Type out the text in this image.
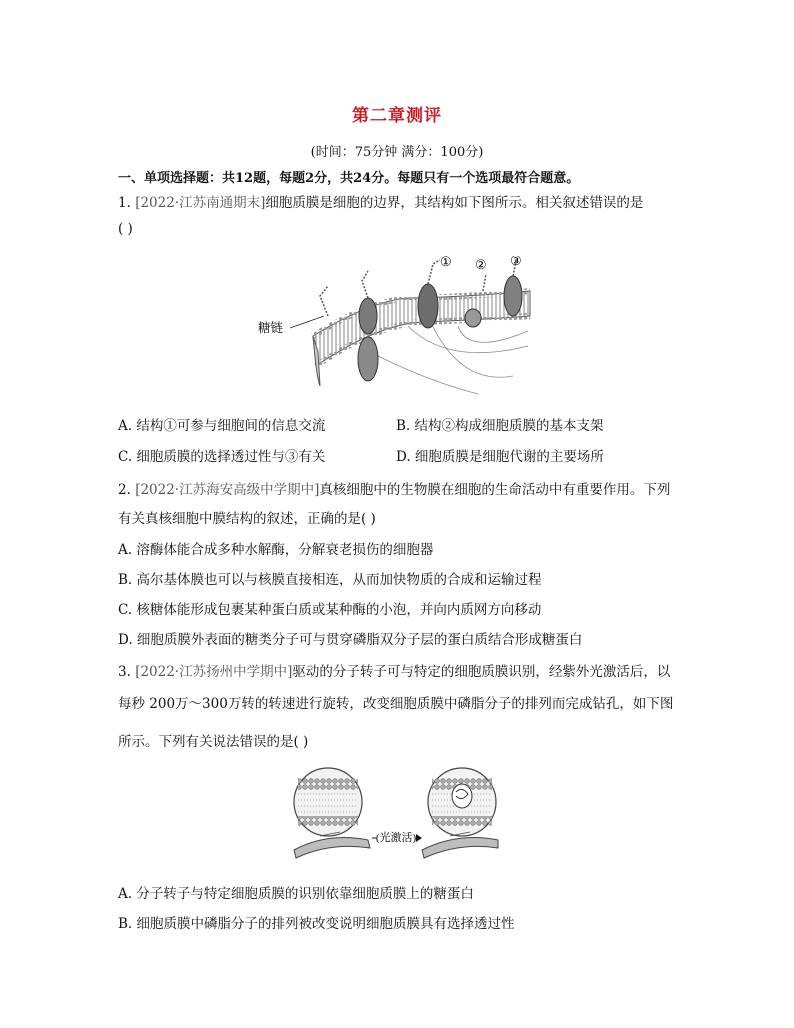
第二章测评
(时间：75分钟 满分：100分)
一、单项选择题：共12题，每题2分，共24分。每题只有一个选项最符合题意。
1. [2022·江苏南通期末]细胞质膜是细胞的边界，其结构如下图所示。相关叙述错误的是
( )
糖链
① ② ③
A. 结构①可参与细胞间的信息交流	B. 结构②构成细胞质膜的基本支架
C. 细胞质膜的选择透过性与③有关	D. 细胞质膜是细胞代谢的主要场所
2. [2022·江苏海安高级中学期中]真核细胞中的生物膜在细胞的生命活动中有重要作用。下列
有关真核细胞中膜结构的叙述，正确的是( )
A. 溶酶体能合成多种水解酶，分解衰老损伤的细胞器
B. 高尔基体膜也可以与核膜直接相连，从而加快物质的合成和运输过程
C. 核糖体能形成包裹某种蛋白质或某种酶的小泡，并向内质网方向移动
D. 细胞质膜外表面的糖类分子可与贯穿磷脂双分子层的蛋白质结合形成糖蛋白
3. [2022·江苏扬州中学期中]驱动的分子转子可与特定的细胞质膜识别，经紫外光激活后，以
每秒 200万～300万转的转速进行旋转，改变细胞质膜中磷脂分子的排列而完成钻孔，如下图
所示。下列有关说法错误的是( )
(光激活)
A. 分子转子与特定细胞质膜的识别依靠细胞质膜上的糖蛋白
B. 细胞质膜中磷脂分子的排列被改变说明细胞质膜具有选择透过性
